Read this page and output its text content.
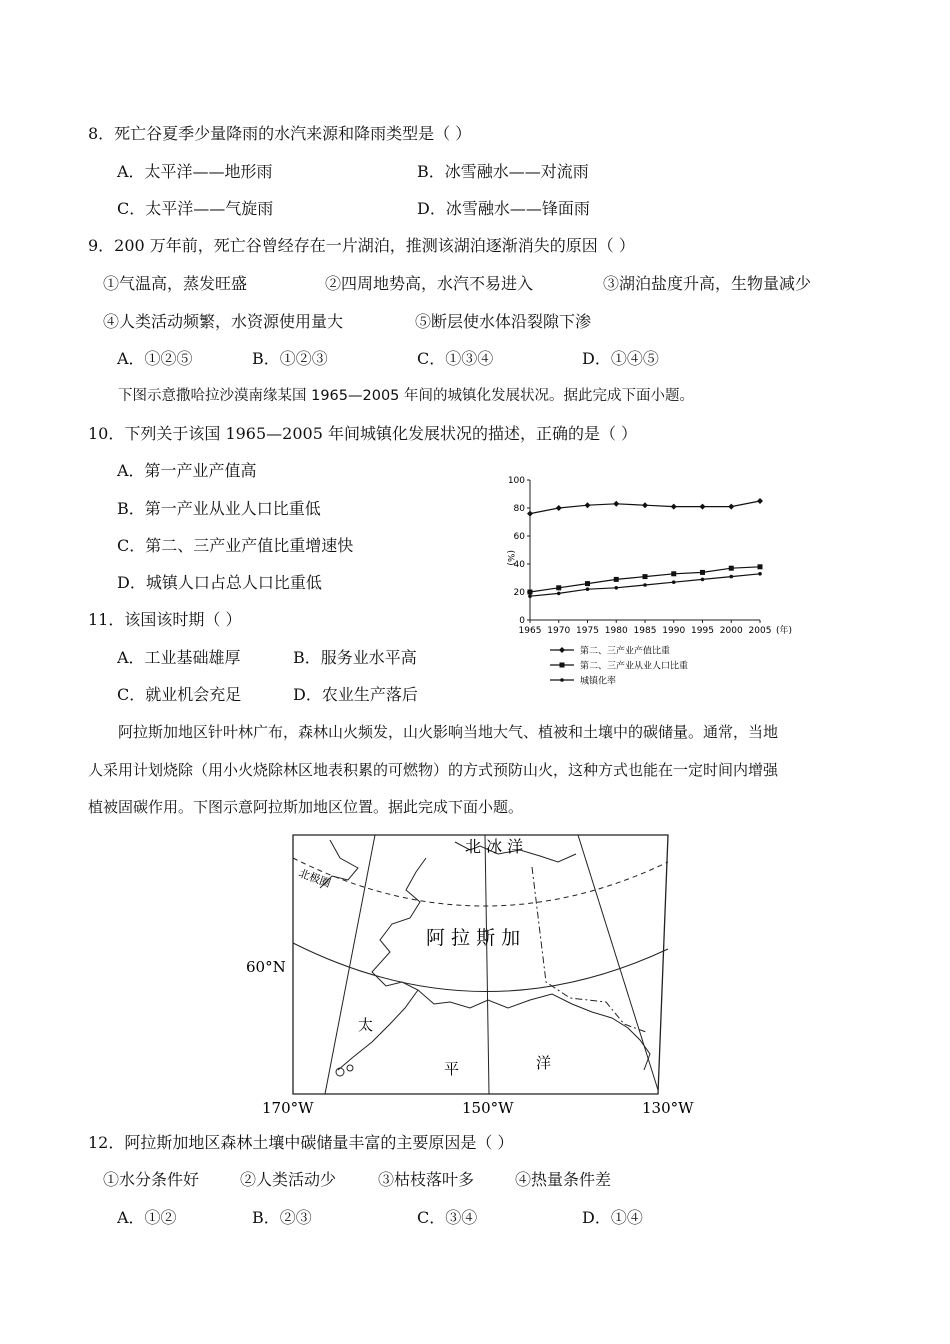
8．死亡谷夏季少量降雨的水汽来源和降雨类型是（ ）
A．太平洋——地形雨	B．冰雪融水——对流雨
C．太平洋——气旋雨	D．冰雪融水——锋面雨
9．200 万年前，死亡谷曾经存在一片湖泊，推测该湖泊逐渐消失的原因（ ）
①气温高，蒸发旺盛	②四周地势高，水汽不易进入	③湖泊盐度升高，生物量减少
④人类活动频繁，水资源使用量大	⑤断层使水体沿裂隙下渗
A．①②⑤	B．①②③	C．①③④	D．①④⑤
下图示意撒哈拉沙漠南缘某国 1965—2005 年间的城镇化发展状况。据此完成下面小题。
10．下列关于该国 1965—2005 年间城镇化发展状况的描述，正确的是（ ）
A．第一产业产值高
B．第一产业从业人口比重低
C．第二、三产业产值比重增速快
D．城镇人口占总人口比重低
11．该国该时期（ ）
A．工业基础雄厚	B．服务业水平高
C．就业机会充足	D．农业生产落后
0
20
40
60
80
100
1965 1970 1975 1980 1985 1990 1995 2000 2005 (年)
(%)
第二、三产业产值比重
第二、三产业从业人口比重
城镇化率
阿拉斯加地区针叶林广布，森林山火频发，山火影响当地大气、植被和土壤中的碳储量。通常，当地
人采用计划烧除（用小火烧除林区地表积累的可燃物）的方式预防山火，这种方式也能在一定时间内增强
植被固碳作用。下图示意阿拉斯加地区位置。据此完成下面小题。
北 冰 洋
北极圈
阿 拉 斯 加
60°N
太
平	洋
170°W	150°W	130°W
12．阿拉斯加地区森林土壤中碳储量丰富的主要原因是（ ）
①水分条件好	②人类活动少	③枯枝落叶多	④热量条件差
A．①②	B．②③	C．③④	D．①④
